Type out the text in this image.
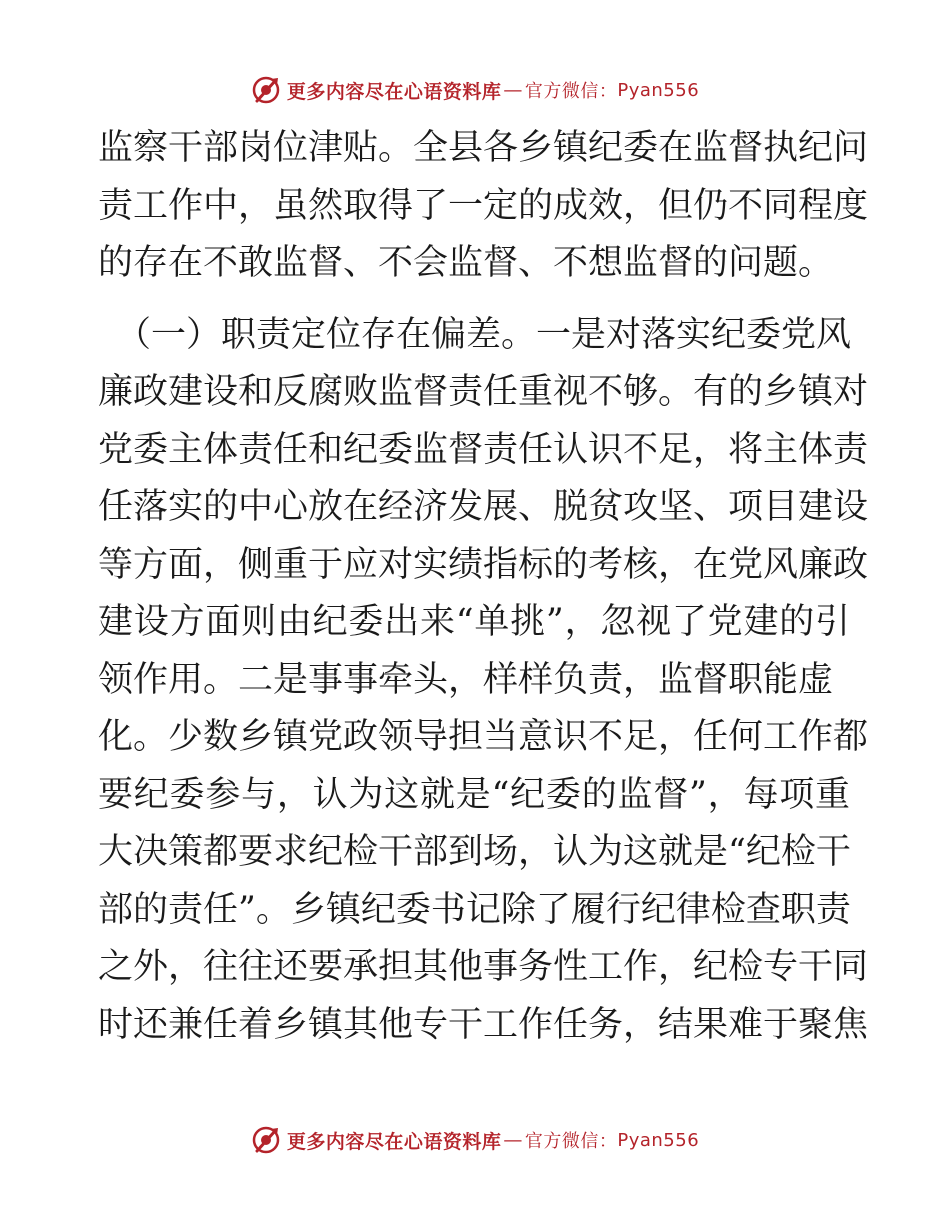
更多内容尽在心语资料库 — 官方微信： Pyan556
监察干部岗位津贴。全县各乡镇纪委在监督执纪问
责工作中，虽然取得了一定的成效，但仍不同程度
的存在不敢监督、不会监督、不想监督的问题。
（一）职责定位存在偏差。一是对落实纪委党风
廉政建设和反腐败监督责任重视不够。有的乡镇对
党委主体责任和纪委监督责任认识不足，将主体责
任落实的中心放在经济发展、脱贫攻坚、项目建设
等方面，侧重于应对实绩指标的考核，在党风廉政
建设方面则由纪委出来“单挑”，忽视了党建的引
领作用。二是事事牵头，样样负责，监督职能虚
化。少数乡镇党政领导担当意识不足，任何工作都
要纪委参与，认为这就是“纪委的监督”，每项重
大决策都要求纪检干部到场，认为这就是“纪检干
部的责任”。乡镇纪委书记除了履行纪律检查职责
之外，往往还要承担其他事务性工作，纪检专干同
时还兼任着乡镇其他专干工作任务，结果难于聚焦
更多内容尽在心语资料库 — 官方微信： Pyan556
